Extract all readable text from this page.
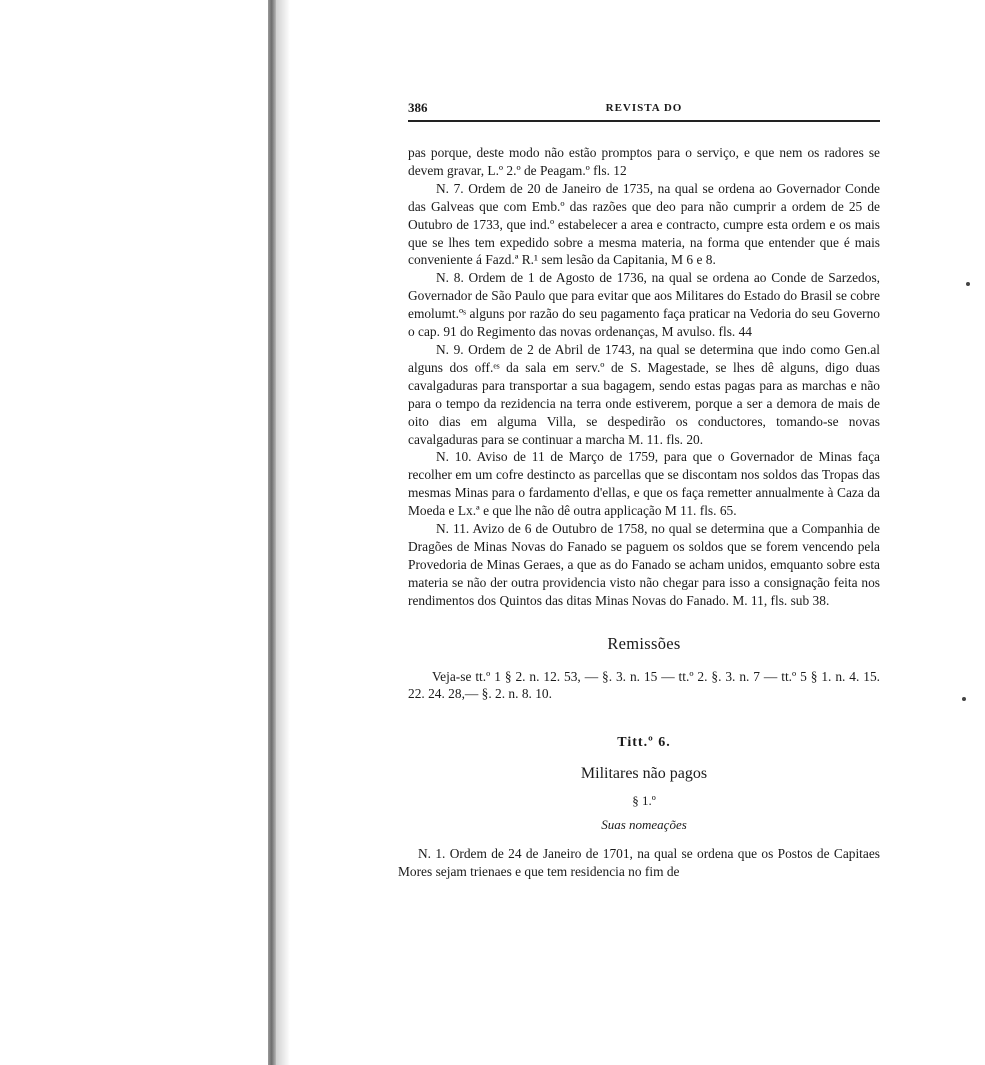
386	REVISTA DO

pas porque, deste modo não estão promptos para o serviço, e que nem os radores se devem gravar, L.º 2.º de Peagam.º fls. 12

N. 7. Ordem de 20 de Janeiro de 1735, na qual se ordena ao Governador Conde das Galveas que com Emb.º das razões que deo para não cumprir a ordem de 25 de Outubro de 1733, que ind.º estabelecer a area e contracto, cumpre esta ordem e os mais que se lhes tem expedido sobre a mesma materia, na forma que entender que é mais conveniente á Fazd.ª R.¹ sem lesão da Capitania, M 6 e 8.

N. 8. Ordem de 1 de Agosto de 1736, na qual se ordena ao Conde de Sarzedos, Governador de São Paulo que para evitar que aos Militares do Estado do Brasil se cobre emolumt.ºˢ alguns por razão do seu pagamento faça praticar na Vedoria do seu Governo o cap. 91 do Regimento das novas ordenanças, M avulso. fls. 44

N. 9. Ordem de 2 de Abril de 1743, na qual se determina que indo como Gen.al alguns dos off.ᵉˢ da sala em serv.º de S. Magestade, se lhes dê alguns, digo duas cavalgaduras para transportar a sua bagagem, sendo estas pagas para as marchas e não para o tempo da rezidencia na terra onde estiverem, porque a ser a demora de mais de oito dias em alguma Villa, se despedirão os conductores, tomando-se novas cavalgaduras para se continuar a marcha M. 11. fls. 20.

N. 10. Aviso de 11 de Março de 1759, para que o Governador de Minas faça recolher em um cofre destincto as parcellas que se discontam nos soldos das Tropas das mesmas Minas para o fardamento d'ellas, e que os faça remetter annualmente à Caza da Moeda e Lx.ª e que lhe não dê outra applicação M 11. fls. 65.

N. 11. Avizo de 6 de Outubro de 1758, no qual se determina que a Companhia de Dragões de Minas Novas do Fanado se paguem os soldos que se forem vencendo pela Provedoria de Minas Geraes, a que as do Fanado se acham unidos, emquanto sobre esta materia se não der outra providencia visto não chegar para isso a consignação feita nos rendimentos dos Quintos das ditas Minas Novas do Fanado. M. 11, fls. sub 38.

Remissões
Veja-se tt.º 1 § 2. n. 12. 53, — §. 3. n. 15 — tt.º 2. §. 3. n. 7 — tt.º 5 § 1. n. 4. 15. 22. 24. 28,— §. 2. n. 8. 10.
Titt.º 6.
Militares não pagos
§ 1.º
Suas nomeações
N. 1. Ordem de 24 de Janeiro de 1701, na qual se ordena que os Postos de Capitaes Mores sejam trienaes e que tem residencia no fim de
